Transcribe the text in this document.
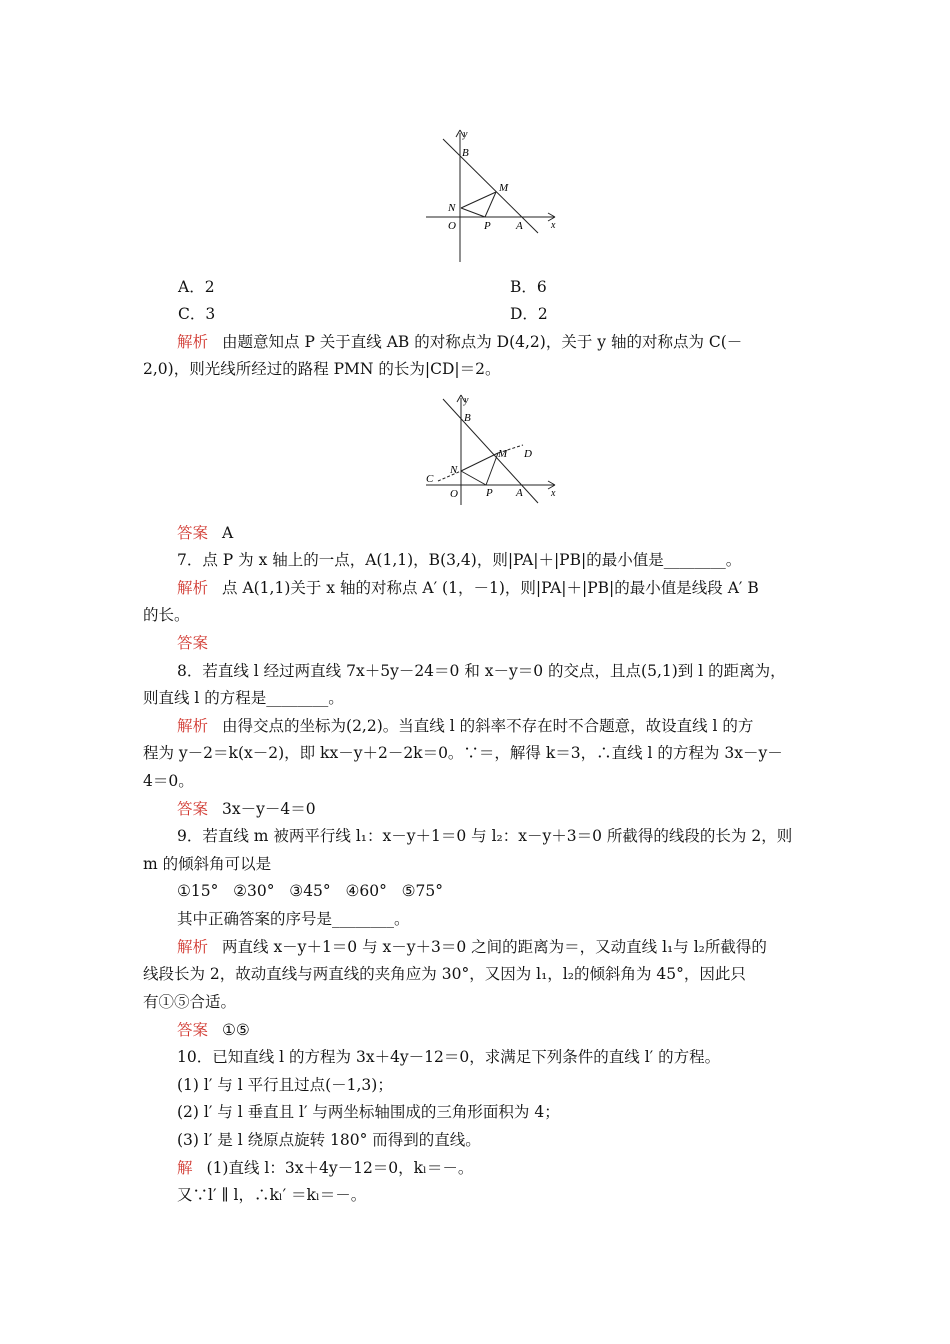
y
x
B
M
N
O	P A
A．2	B．6
C．3	D．2
解析 由题意知点 P 关于直线 AB 的对称点为 D(4,2)，关于 y 轴的对称点为 C(－
2,0)，则光线所经过的路程 PMN 的长为|CD|＝2。
y
x
B
M
N
O	P A
C
D
答案 A
7．点 P 为 x 轴上的一点，A(1,1)，B(3,4)，则|PA|＋|PB|的最小值是________。
解析 点 A(1,1)关于 x 轴的对称点 A′ (1，－1)，则|PA|＋|PB|的最小值是线段 A′ B
的长。
答案
8．若直线 l 经过两直线 7x＋5y－24＝0 和 x－y＝0 的交点，且点(5,1)到 l 的距离为，
则直线 l 的方程是________。
解析 由得交点的坐标为(2,2)。当直线 l 的斜率不存在时不合题意，故设直线 l 的方
程为 y－2＝k(x－2)，即 kx－y＋2－2k＝0。∵＝，解得 k＝3，∴直线 l 的方程为 3x－y－
4＝0。
答案 3x－y－4＝0
9．若直线 m 被两平行线 l₁：x－y＋1＝0 与 l₂：x－y＋3＝0 所截得的线段的长为 2，则
m 的倾斜角可以是
①15°   ②30°   ③45°   ④60°   ⑤75°
其中正确答案的序号是________。
解析 两直线 x－y＋1＝0 与 x－y＋3＝0 之间的距离为＝，又动直线 l₁与 l₂所截得的
线段长为 2，故动直线与两直线的夹角应为 30°，又因为 l₁，l₂的倾斜角为 45°，因此只
有①⑤合适。
答案 ①⑤
10．已知直线 l 的方程为 3x＋4y－12＝0，求满足下列条件的直线 l′ 的方程。
(1) l′ 与 l 平行且过点(－1,3)；
(2) l′ 与 l 垂直且 l′ 与两坐标轴围成的三角形面积为 4；
(3) l′ 是 l 绕原点旋转 180° 而得到的直线。
解 (1)直线 l：3x＋4y－12＝0，kₗ＝－。
又∵l′ ∥ l，∴kₗ′ ＝kₗ＝－。
